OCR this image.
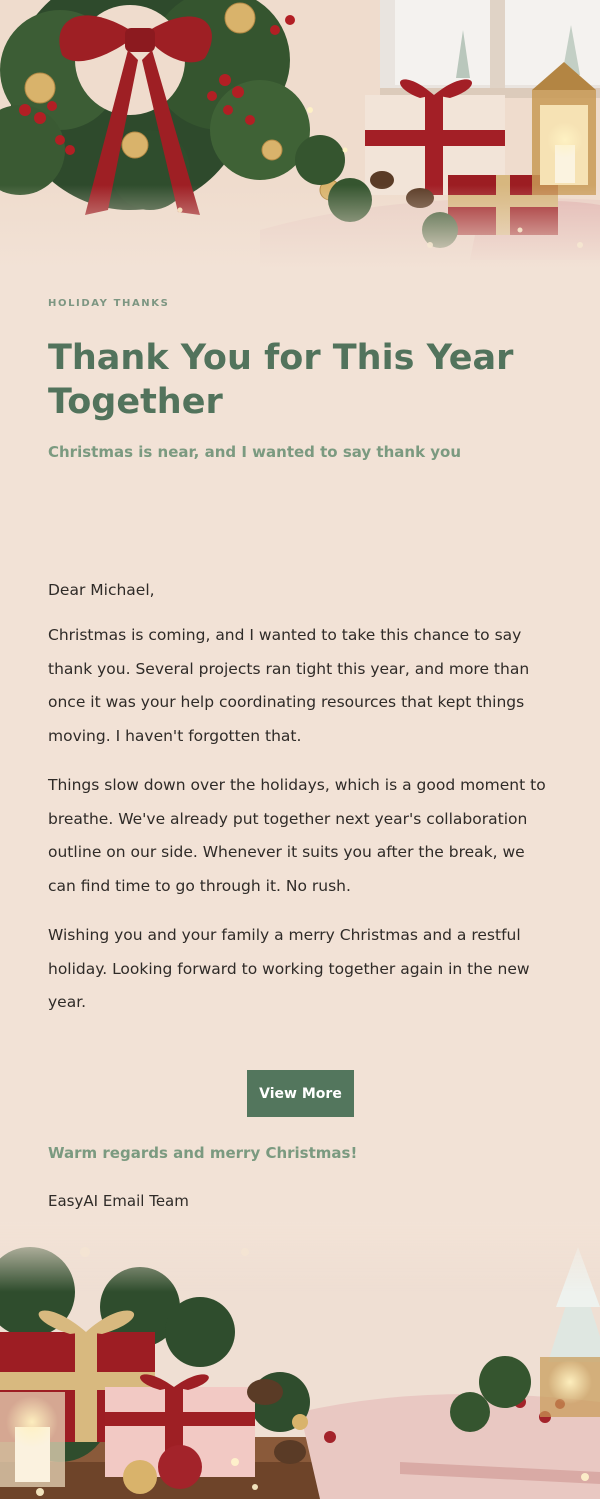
HOLIDAY THANKS
Thank You for This Year Together
Christmas is near, and I wanted to say thank you

Dear Michael,

Christmas is coming, and I wanted to take this chance to say thank you. Several projects ran tight this year, and more than once it was your help coordinating resources that kept things moving. I haven't forgotten that.

Things slow down over the holidays, which is a good moment to breathe. We've already put together next year's collaboration outline on our side. Whenever it suits you after the break, we can find time to go through it. No rush.

Wishing you and your family a merry Christmas and a restful holiday. Looking forward to working together again in the new year.

View More
Warm regards and merry Christmas!
EasyAI Email Team
